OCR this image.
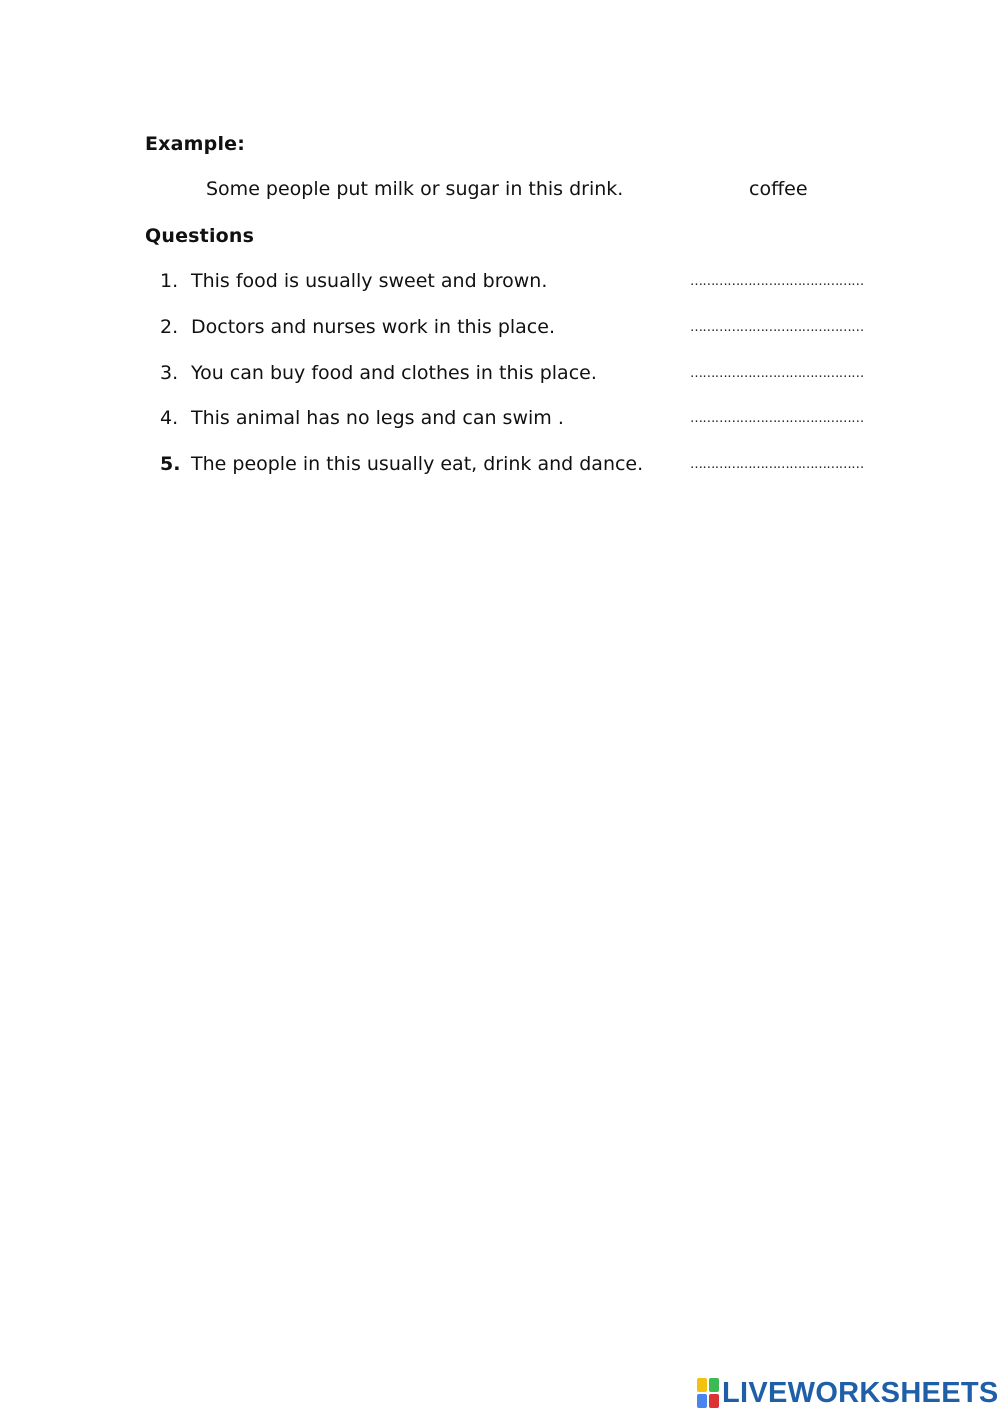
Example:
Some people put milk or sugar in this drink.	coffee
Questions
1. This food is usually sweet and brown.	……………………………………
2. Doctors and nurses work in this place.	……………………………………
3. You can buy food and clothes in this place.	……………………………………
4. This animal has no legs and can swim .	……………………………………
5. The people in this usually eat, drink and dance.	……………………………………
LIVEWORKSHEETS
